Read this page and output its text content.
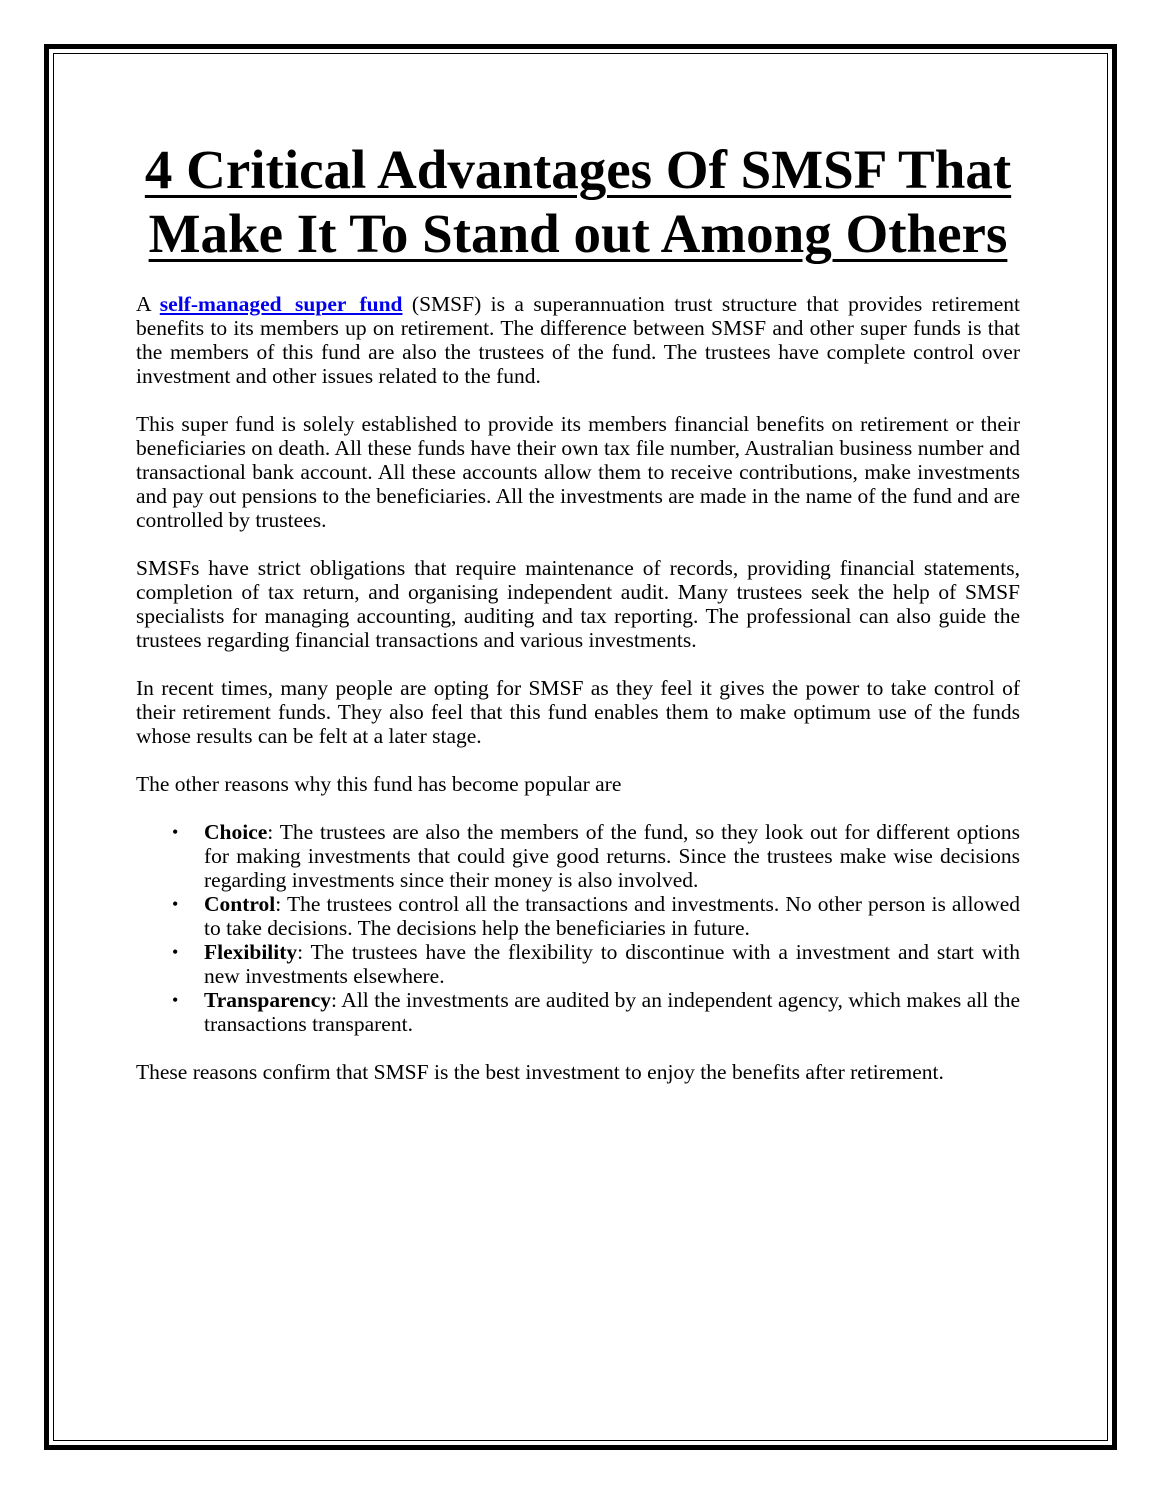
4 Critical Advantages Of SMSF That Make It To Stand out Among Others

A self-managed super fund (SMSF) is a superannuation trust structure that provides retirement benefits to its members up on retirement. The difference between SMSF and other super funds is that the members of this fund are also the trustees of the fund. The trustees have complete control over investment and other issues related to the fund.

This super fund is solely established to provide its members financial benefits on retirement or their beneficiaries on death. All these funds have their own tax file number, Australian business number and transactional bank account. All these accounts allow them to receive contributions, make investments and pay out pensions to the beneficiaries. All the investments are made in the name of the fund and are controlled by trustees.

SMSFs have strict obligations that require maintenance of records, providing financial statements, completion of tax return, and organising independent audit. Many trustees seek the help of SMSF specialists for managing accounting, auditing and tax reporting. The professional can also guide the trustees regarding financial transactions and various investments.

In recent times, many people are opting for SMSF as they feel it gives the power to take control of their retirement funds. They also feel that this fund enables them to make optimum use of the funds whose results can be felt at a later stage.

The other reasons why this fund has become popular are

• Choice: The trustees are also the members of the fund, so they look out for different options for making investments that could give good returns. Since the trustees make wise decisions regarding investments since their money is also involved.
• Control: The trustees control all the transactions and investments. No other person is allowed to take decisions. The decisions help the beneficiaries in future.
• Flexibility: The trustees have the flexibility to discontinue with a investment and start with new investments elsewhere.
• Transparency: All the investments are audited by an independent agency, which makes all the transactions transparent.

These reasons confirm that SMSF is the best investment to enjoy the benefits after retirement.
